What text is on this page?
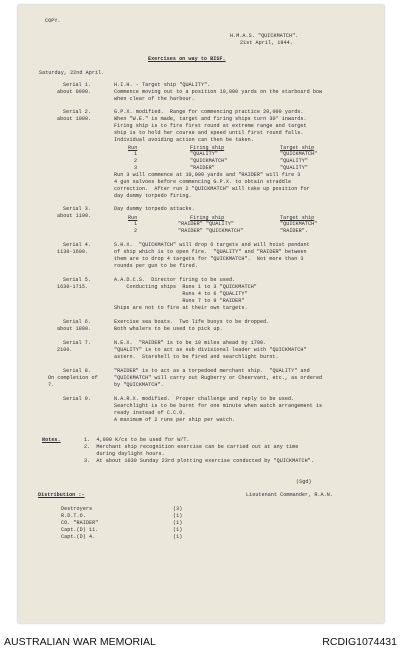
COPY.
H.M.A.S. "QUICKMATCH".
21st April, 1944.
Exercises on way to BISF.
Saturday, 22nd April.
Serial 1.
about 0900.
H.I.H. - Target ship "QUALITY".
Commence moving out to a position 10,000 yards on the starboard bow
when clear of the harbour.
Serial 2.
about 1000.
G.P.X. modified.  Range for commencing practice 20,000 yards.
When "W.E." is made, target and firing ships turn 30° inwards.
Firing ship is to fire first round at extreme range and target
ship is to hold her course and speed until first round falls.
Individual avoiding action can then be taken.
Run	Firing ship	Target ship
1	"QUALITY"	"QUICKMATCH"
2	"QUICKMATCH"	"QUALITY"
3	"RAIDER"	"QUALITY"
Run 3 will commence at 10,000 yards and "RAIDER" will fire 3
4 gun salvoes before commencing G.P.X. to obtain straddle
correction.  After run 2 "QUICKMATCH" will take up position for
day dummy torpedo firing.
Serial 3.
about 1100.
Day dummy torpedo attacks.
Run	Firing ship	Target ship
1	"RAIDER" "QUALITY"	"QUICKMATCH"
2	"RAIDER" "QUICKMATCH"	"RAIDER".
Serial 4.
1130-1600.
S.H.X.  "QUICKMATCH" will drop 6 targets and will hoist pendant
of ship which is to open fire.  "QUALITY" and "RAIDER" between
them are to drop 4 targets for "QUICKMATCH".  Not more than 3
rounds per gun to be fired.
Serial 5.
1630-1715.
A.A.D.C.S.  Director firing to be used.
Conducting ships  Runs 1 to 3 "QUICKMATCH"
Runs 4 to 6 "QUALITY"
Runs 7 to 9 "RAIDER"
Ships are not to fire at their own targets.
Serial 6.
about 1800.
Exercise sea boats.  Two life buoys to be dropped.
Both whalers to be used to pick up.
Serial 7.
2100.
N.E.X.  "RAIDER" is to be 10 miles ahead by 1700.
"QUALITY" is to act as sub divisional leader with "QUICKMATCH"
astern.  Starshell to be fired and searchlight burnt.
Serial 8.
On completion of 7.
"RAIDER" is to act as a torpedoed merchant ship.  "QUALITY" and
"QUICKMATCH" will carry out Rugberry or Cheervant, etc., as ordered
by "QUICKMATCH".
Serial 9.	N.A.R.X. modified.  Proper challenge and reply to be used.
Searchlight is to be burnt for one minute when watch arrangement is
ready instead of C.C.O.
A maximum of 2 runs per ship per watch.
Notes.	1.  4,000 K/cs to be used for W/T.
2.  Merchant ship recognition exercise can be carried out at any time
during daylight hours.
3.  At about 1030 Sunday 23rd plotting exercise conducted by "QUICKMATCH".
(Sgd)
Lieutenant Commander, R.A.N.
Distribution :-
Destroyers	(3)
R.D.T.O.	(1)
CO. "RAIDER"	(1)
Capt.(D) 11.	(1)
Capt.(D) 4.	(1)
AUSTRALIAN WAR MEMORIAL	RCDIG1074431
